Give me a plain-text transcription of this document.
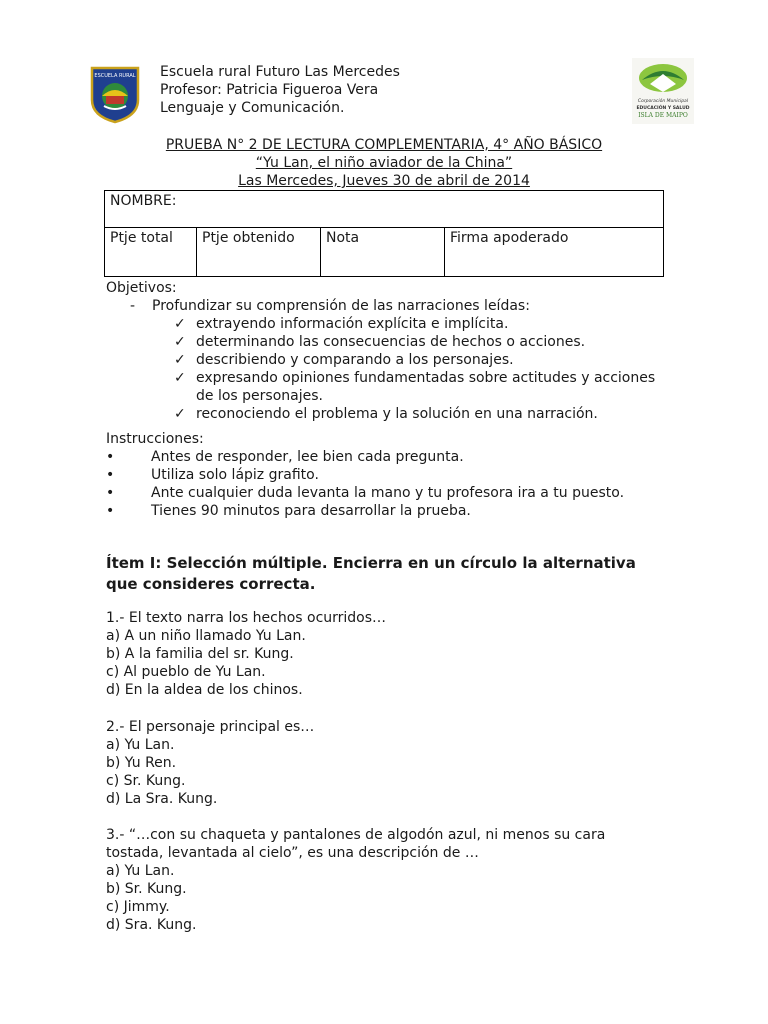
ESCUELA RURAL Escuela rural Futuro Las Mercedes
Profesor: Patricia Figueroa Vera
Lenguaje y Comunicación.	Corporación Municipal
EDUCACIÓN Y SALUD
ISLA DE MAIPO
PRUEBA N° 2 DE LECTURA COMPLEMENTARIA, 4° AÑO BÁSICO
“Yu Lan, el niño aviador de la China”
Las Mercedes, Jueves 30 de abril de 2014
NOMBRE:
Ptje total	Ptje obtenido	Nota	Firma apoderado
Objetivos:
- Profundizar su comprensión de las narraciones leídas:
✓ extrayendo información explícita e implícita.
✓ determinando las consecuencias de hechos o acciones.
✓ describiendo y comparando a los personajes.
✓ expresando opiniones fundamentadas sobre actitudes y acciones de los personajes.
✓ reconociendo el problema y la solución en una narración.
Instrucciones:
•	Antes de responder, lee bien cada pregunta.
•	Utiliza solo lápiz grafito.
•	Ante cualquier duda levanta la mano y tu profesora ira a tu puesto.
•	Tienes 90 minutos para desarrollar la prueba.
Ítem I: Selección múltiple. Encierra en un círculo la alternativa que consideres correcta.
1.- El texto narra los hechos ocurridos…
a) A un niño llamado Yu Lan.
b) A la familia del sr. Kung.
c) Al pueblo de Yu Lan.
d) En la aldea de los chinos.
2.- El personaje principal es…
a) Yu Lan.
b) Yu Ren.
c) Sr. Kung.
d) La Sra. Kung.
3.- “…con su chaqueta y pantalones de algodón azul, ni menos su cara tostada, levantada al cielo”, es una descripción de …
a) Yu Lan.
b) Sr. Kung.
c) Jimmy.
d) Sra. Kung.
